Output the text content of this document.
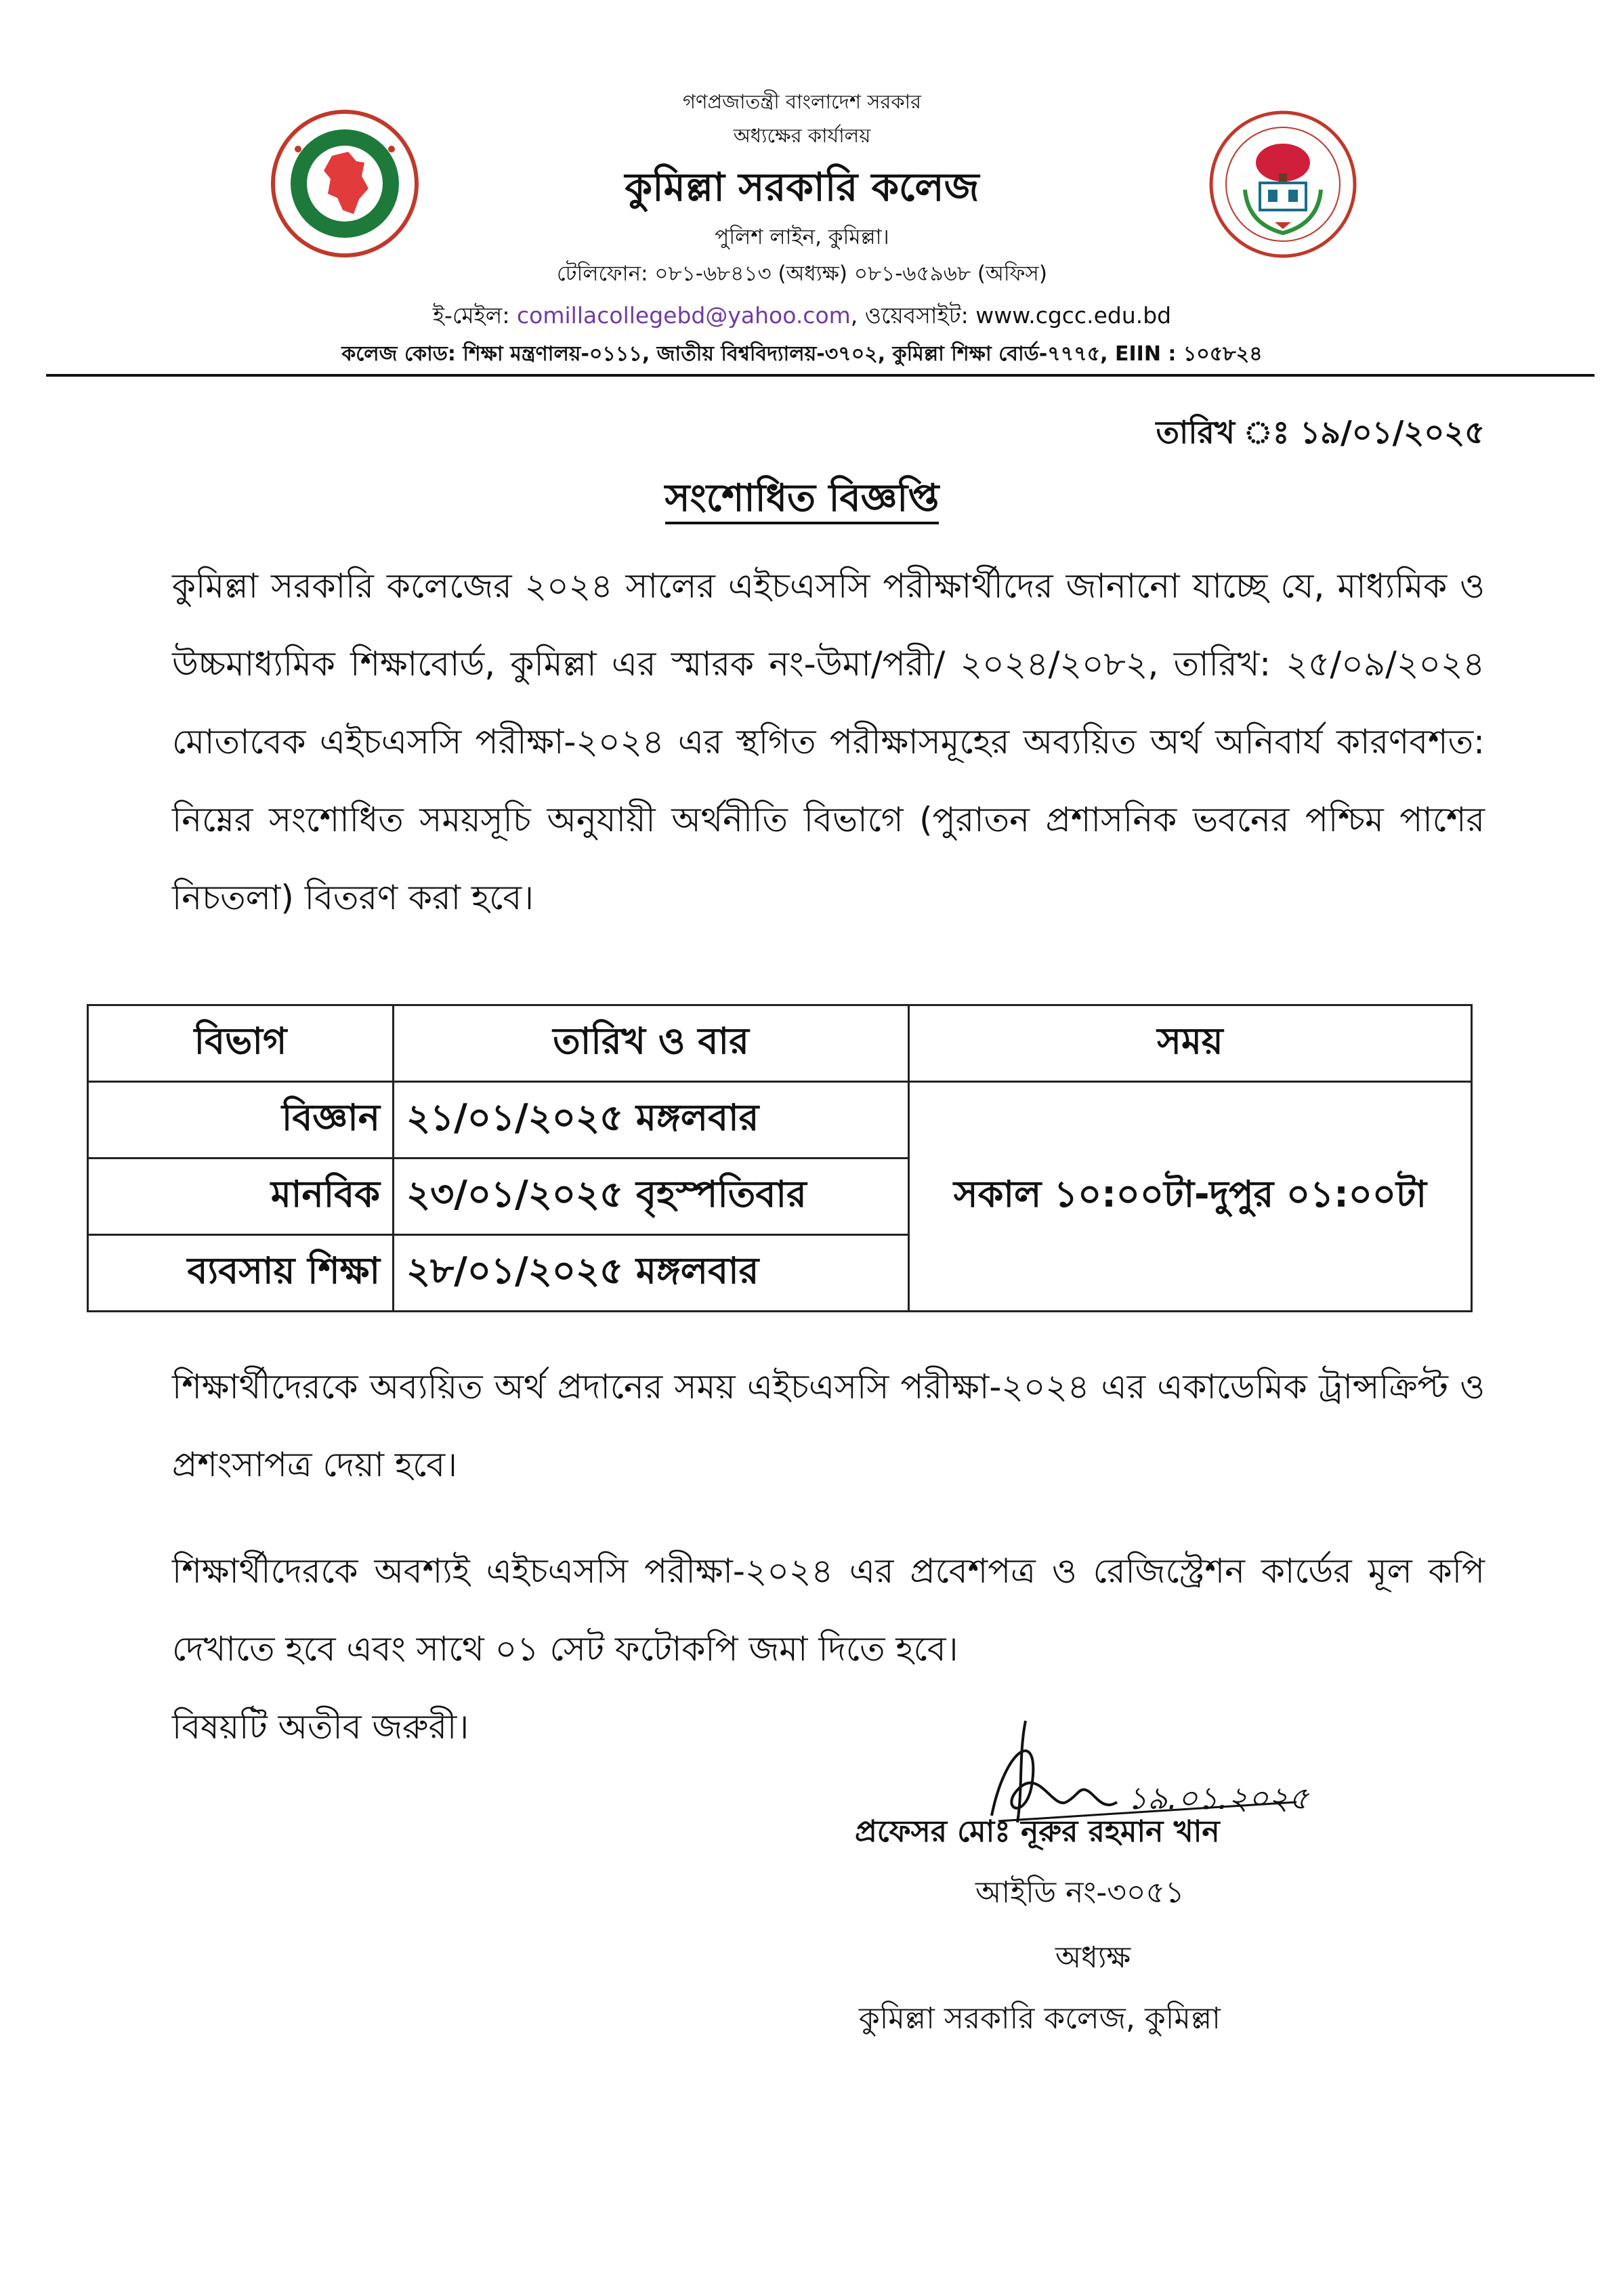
গণপ্রজাতন্ত্রী বাংলাদেশ সরকার
অধ্যক্ষের কার্যালয়
কুমিল্লা সরকারি কলেজ
পুলিশ লাইন, কুমিল্লা।
টেলিফোন: ০৮১-৬৮৪১৩ (অধ্যক্ষ) ০৮১-৬৫৯৬৮ (অফিস)
ই-মেইল: comillacollegebd@yahoo.com, ওয়েবসাইট: www.cgcc.edu.bd
কলেজ কোড: শিক্ষা মন্ত্রণালয়-০১১১, জাতীয় বিশ্ববিদ্যালয়-৩৭০২, কুমিল্লা শিক্ষা বোর্ড-৭৭৭৫, EIIN : ১০৫৮২৪
তারিখ ঃ ১৯/০১/২০২৫
সংশোধিত বিজ্ঞপ্তি
কুমিল্লা সরকারি কলেজের ২০২৪ সালের এইচএসসি পরীক্ষার্থীদের জানানো যাচ্ছে যে, মাধ্যমিক ও উচ্চমাধ্যমিক শিক্ষাবোর্ড, কুমিল্লা এর স্মারক নং-উমা/পরী/ ২০২৪/২০৮২, তারিখ: ২৫/০৯/২০২৪ মোতাবেক এইচএসসি পরীক্ষা-২০২৪ এর স্থগিত পরীক্ষাসমূহের অব্যয়িত অর্থ অনিবার্য কারণবশত: নিম্নের সংশোধিত সময়সূচি অনুযায়ী অর্থনীতি বিভাগে (পুরাতন প্রশাসনিক ভবনের পশ্চিম পাশের নিচতলা) বিতরণ করা হবে।
বিভাগ	তারিখ ও বার	সময়
বিজ্ঞান	২১/০১/২০২৫ মঙ্গলবার	সকাল ১০:০০টা-দুপুর ০১:০০টা
মানবিক	২৩/০১/২০২৫ বৃহস্পতিবার	
ব্যবসায় শিক্ষা	২৮/০১/২০২৫ মঙ্গলবার	
শিক্ষার্থীদেরকে অব্যয়িত অর্থ প্রদানের সময় এইচএসসি পরীক্ষা-২০২৪ এর একাডেমিক ট্রান্সক্রিপ্ট ও প্রশংসাপত্র দেয়া হবে।
শিক্ষার্থীদেরকে অবশ্যই এইচএসসি পরীক্ষা-২০২৪ এর প্রবেশপত্র ও রেজিস্ট্রেশন কার্ডের মূল কপি দেখাতে হবে এবং সাথে ০১ সেট ফটোকপি জমা দিতে হবে।
বিষয়টি অতীব জরুরী।
১৯.০১.২০২৫
প্রফেসর মোঃ নূরুর রহমান খান
আইডি নং-৩০৫১
অধ্যক্ষ
কুমিল্লা সরকারি কলেজ, কুমিল্লা
